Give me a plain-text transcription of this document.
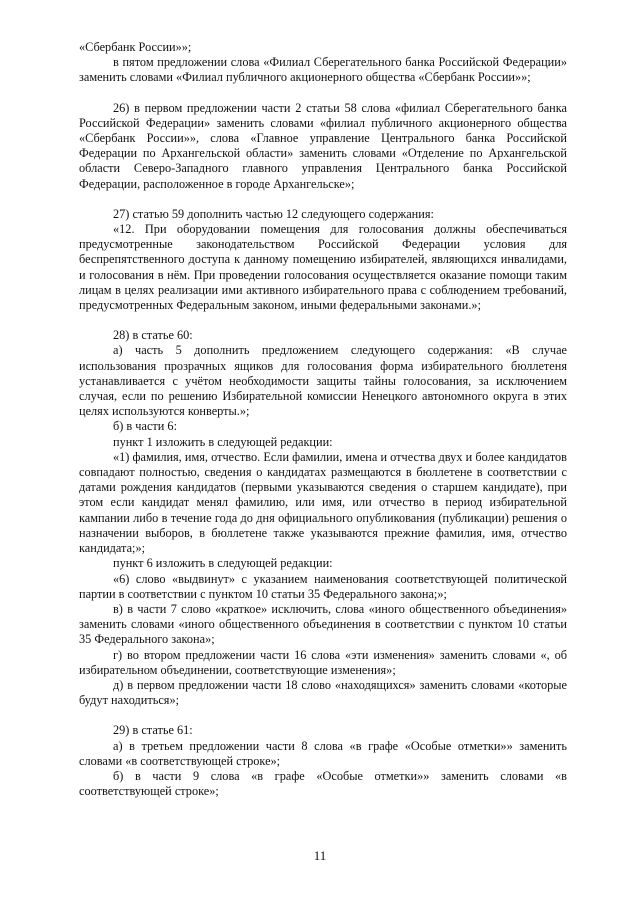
«Сбербанк России»»;

в пятом предложении слова «Филиал Сберегательного банка Российской Федерации» заменить словами «Филиал публичного акционерного общества «Сбербанк России»»;

26) в первом предложении части 2 статьи 58 слова «филиал Сберегательного банка Российской Федерации» заменить словами «филиал публичного акционерного общества «Сбербанк России»», слова «Главное управление Центрального банка Российской Федерации по Архангельской области» заменить словами «Отделение по Архангельской области Северо-Западного главного управления Центрального банка Российской Федерации, расположенное в городе Архангельске»;

27) статью 59 дополнить частью 12 следующего содержания:

«12. При оборудовании помещения для голосования должны обеспечиваться предусмотренные законодательством Российской Федерации условия для беспрепятственного доступа к данному помещению избирателей, являющихся инвалидами, и голосования в нём. При проведении голосования осуществляется оказание помощи таким лицам в целях реализации ими активного избирательного права с соблюдением требований, предусмотренных Федеральным законом, иными федеральными законами.»;

28) в статье 60:

а) часть 5 дополнить предложением следующего содержания: «В случае использования прозрачных ящиков для голосования форма избирательного бюллетеня устанавливается с учётом необходимости защиты тайны голосования, за исключением случая, если по решению Избирательной комиссии Ненецкого автономного округа в этих целях используются конверты.»;

б) в части 6:

пункт 1 изложить в следующей редакции:

«1) фамилия, имя, отчество. Если фамилии, имена и отчества двух и более кандидатов совпадают полностью, сведения о кандидатах размещаются в бюллетене в соответствии с датами рождения кандидатов (первыми указываются сведения о старшем кандидате), при этом если кандидат менял фамилию, или имя, или отчество в период избирательной кампании либо в течение года до дня официального опубликования (публикации) решения о назначении выборов, в бюллетене также указываются прежние фамилия, имя, отчество кандидата;»;

пункт 6 изложить в следующей редакции:

«6) слово «выдвинут» с указанием наименования соответствующей политической партии в соответствии с пунктом 10 статьи 35 Федерального закона;»;

в) в части 7 слово «краткое» исключить, слова «иного общественного объединения» заменить словами «иного общественного объединения в соответствии с пунктом 10 статьи 35 Федерального закона»;

г) во втором предложении части 16 слова «эти изменения» заменить словами «, об избирательном объединении, соответствующие изменения»;

д) в первом предложении части 18 слово «находящихся» заменить словами «которые будут находиться»;

29) в статье 61:

а) в третьем предложении части 8 слова «в графе «Особые отметки»» заменить словами «в соответствующей строке»;

б) в части 9 слова «в графе «Особые отметки»» заменить словами «в соответствующей строке»;

11
